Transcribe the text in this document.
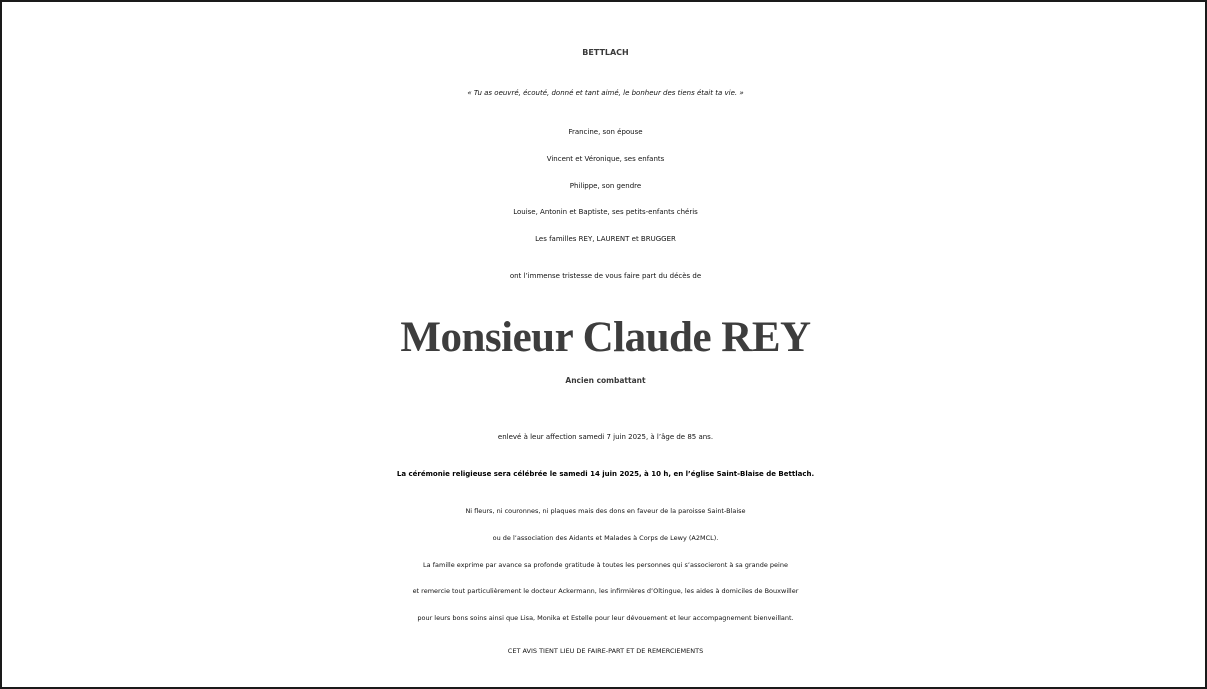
BETTLACH
« Tu as oeuvré, écouté, donné et tant aimé, le bonheur des tiens était ta vie. »
Francine, son épouse
Vincent et Véronique, ses enfants
Philippe, son gendre
Louise, Antonin et Baptiste, ses petits-enfants chéris
Les familles REY, LAURENT et BRUGGER
ont l’immense tristesse de vous faire part du décès de
Monsieur Claude REY
Ancien combattant
enlevé à leur affection samedi 7 juin 2025, à l’âge de 85 ans.
La cérémonie religieuse sera célébrée le samedi 14 juin 2025, à 10 h, en l’église Saint-Blaise de Bettlach.
Ni fleurs, ni couronnes, ni plaques mais des dons en faveur de la paroisse Saint-Blaise
ou de l’association des Aidants et Malades à Corps de Lewy (A2MCL).
La famille exprime par avance sa profonde gratitude à toutes les personnes qui s’associeront à sa grande peine
et remercie tout particulièrement le docteur Ackermann, les infirmières d’Oltingue, les aides à domiciles de Bouxwiller
pour leurs bons soins ainsi que Lisa, Monika et Estelle pour leur dévouement et leur accompagnement bienveillant.
CET AVIS TIENT LIEU DE FAIRE-PART ET DE REMERCIEMENTS
